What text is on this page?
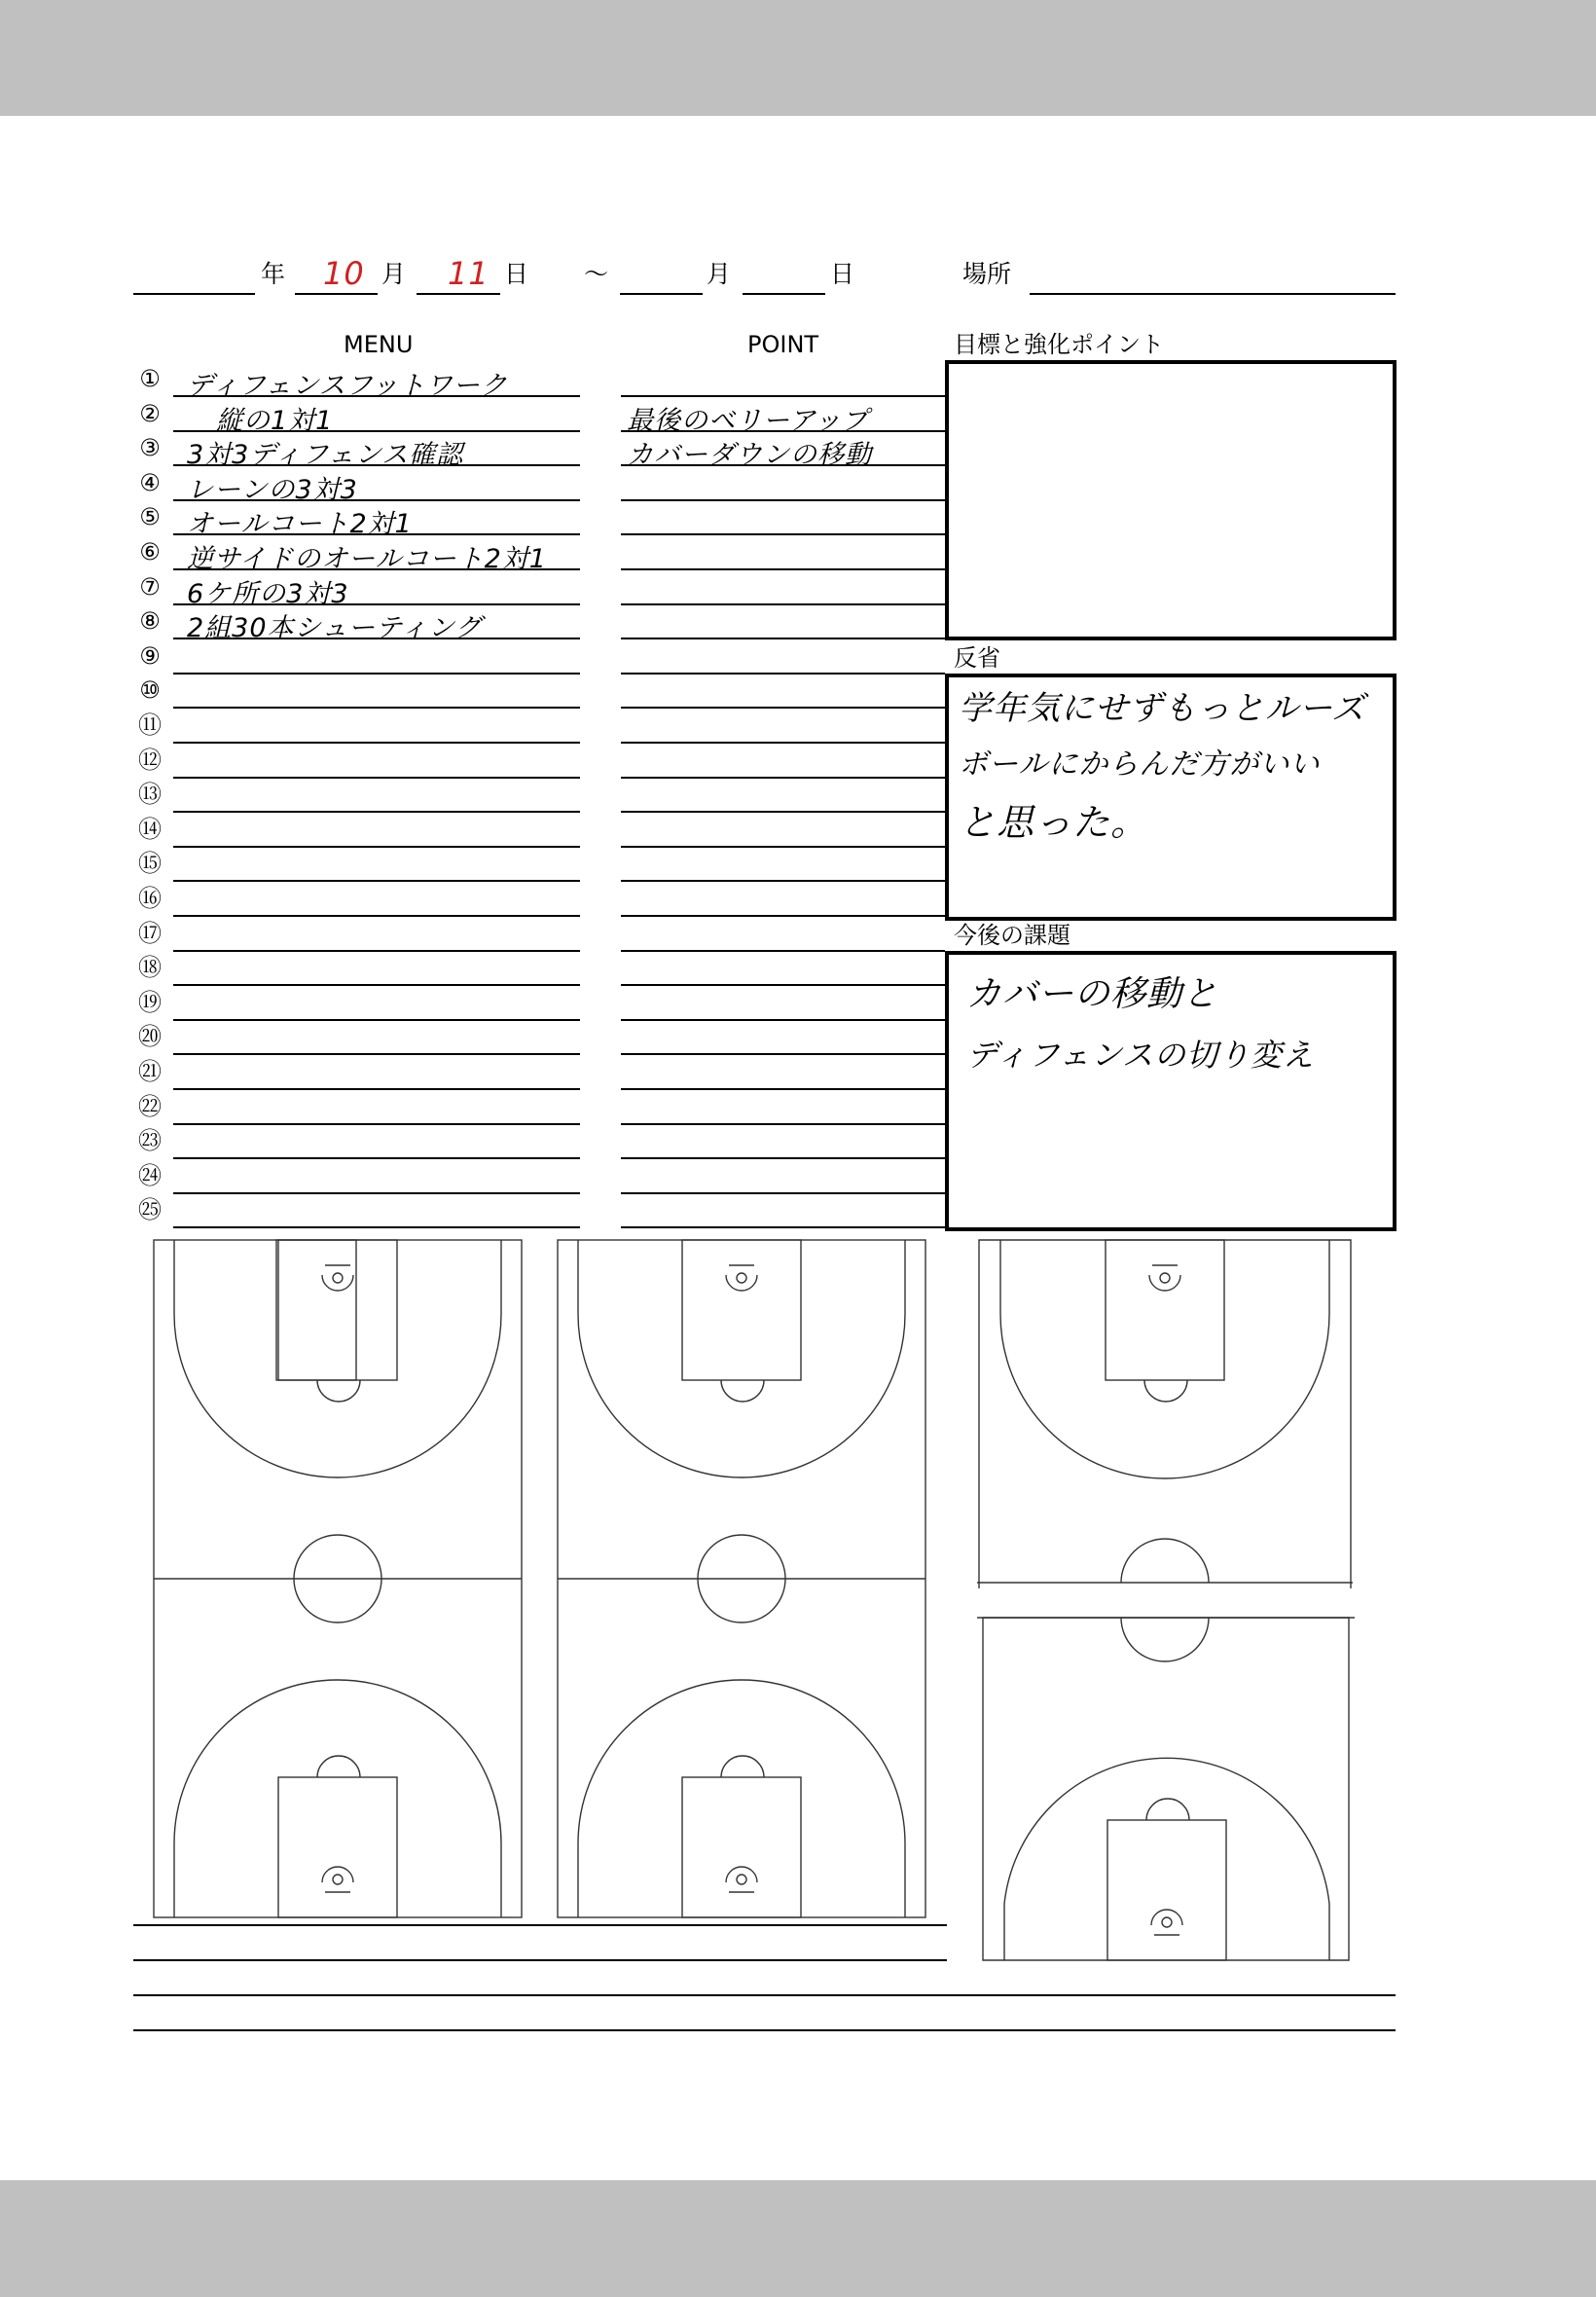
年 10 月 11 日 ～	月	日	場所
MENU	POINT
① ディフェンスフットワーク
② 縦の1対1	最後のベリーアップ
③ 3対3ディフェンス確認	カバーダウンの移動
④ レーンの3対3
⑤ オールコート2対1
⑥ 逆サイドのオールコート2対1
⑦ 6ケ所の3対3
⑧ 2組30本シューティング
⑨
⑩
⑪
⑫
⑬
⑭
⑮
⑯
⑰
⑱
⑲
⑳
㉑
㉒
㉓
㉔
㉕
目標と強化ポイント
反省
学年気にせずもっとルーズ
ボールにからんだ方がいい
と思った。
今後の課題
カバーの移動と
ディフェンスの切り変え
